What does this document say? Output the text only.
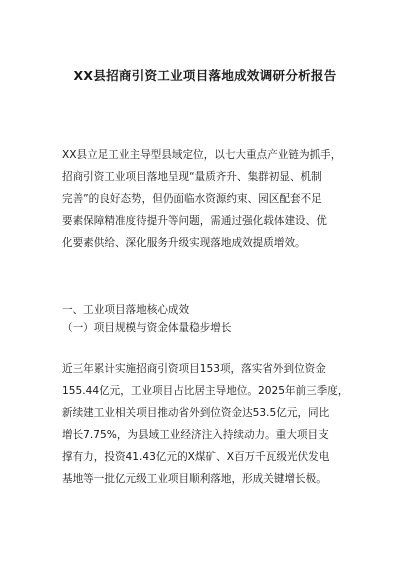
XX县招商引资工业项目落地成效调研分析报告
XX县立足工业主导型县域定位，以七大重点产业链为抓手，
招商引资工业项目落地呈现“量质齐升、集群初显、机制
完善”的良好态势，但仍面临水资源约束、园区配套不足
要素保障精准度待提升等问题，需通过强化载体建设、优
化要素供给、深化服务升级实现落地成效提质增效。
一、工业项目落地核心成效
（一）项目规模与资金体量稳步增长
近三年累计实施招商引资项目153项，落实省外到位资金
155.44亿元，工业项目占比居主导地位。2025年前三季度，
新续建工业相关项目推动省外到位资金达53.5亿元，同比
增长7.75%，为县域工业经济注入持续动力。重大项目支
撑有力，投资41.43亿元的X煤矿、X百万千瓦级光伏发电
基地等一批亿元级工业项目顺利落地，形成关键增长极。
